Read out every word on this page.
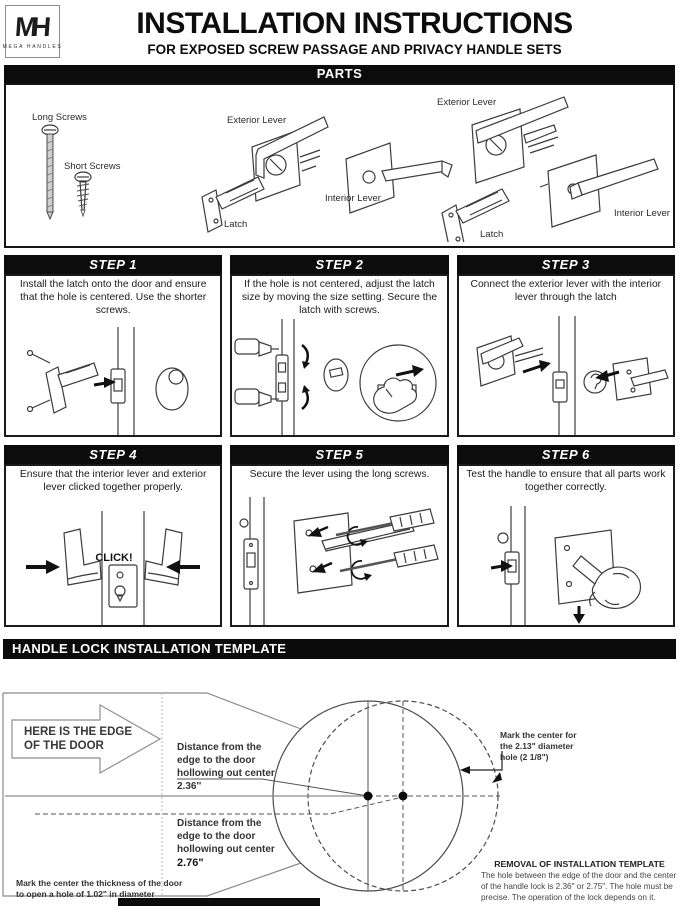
MH
MEGA HANDLES
INSTALLATION INSTRUCTIONS
FOR EXPOSED SCREW PASSAGE AND PRIVACY HANDLE SETS
PARTS
Long Screws
Short Screws
Exterior Lever
Interior Lever
Latch
Exterior Lever
Interior Lever
Latch
STEP 1
Install the latch onto the door and ensure that the hole is centered. Use the shorter screws.
STEP 2
If the hole is not centered, adjust the latch size by moving the size setting. Secure the latch with screws.
STEP 3
Connect the exterior lever with the interior lever through the latch
STEP 4
Ensure that the interior lever and exterior lever clicked together properly.
CLICK!
STEP 5
Secure the lever using the long screws.
STEP 6
Test the handle to ensure that all parts work together correctly.
HANDLE LOCK INSTALLATION TEMPLATE
HERE IS THE EDGE OF THE DOOR	Distance from the edge to the door hollowing out center 2.36''
Distance from the edge to the door hollowing out center 2.76"
Mark the center for the 2.13" diameter hole (2 1/8")
Mark the center the thickness of the door to open a hole of 1.02" in diameter
REMOVAL OF INSTALLATION TEMPLATE
The hole between the edge of the door and the center of the handle lock is 2.36" or 2.75". The hole must be precise. The operation of the lock depends on it.
